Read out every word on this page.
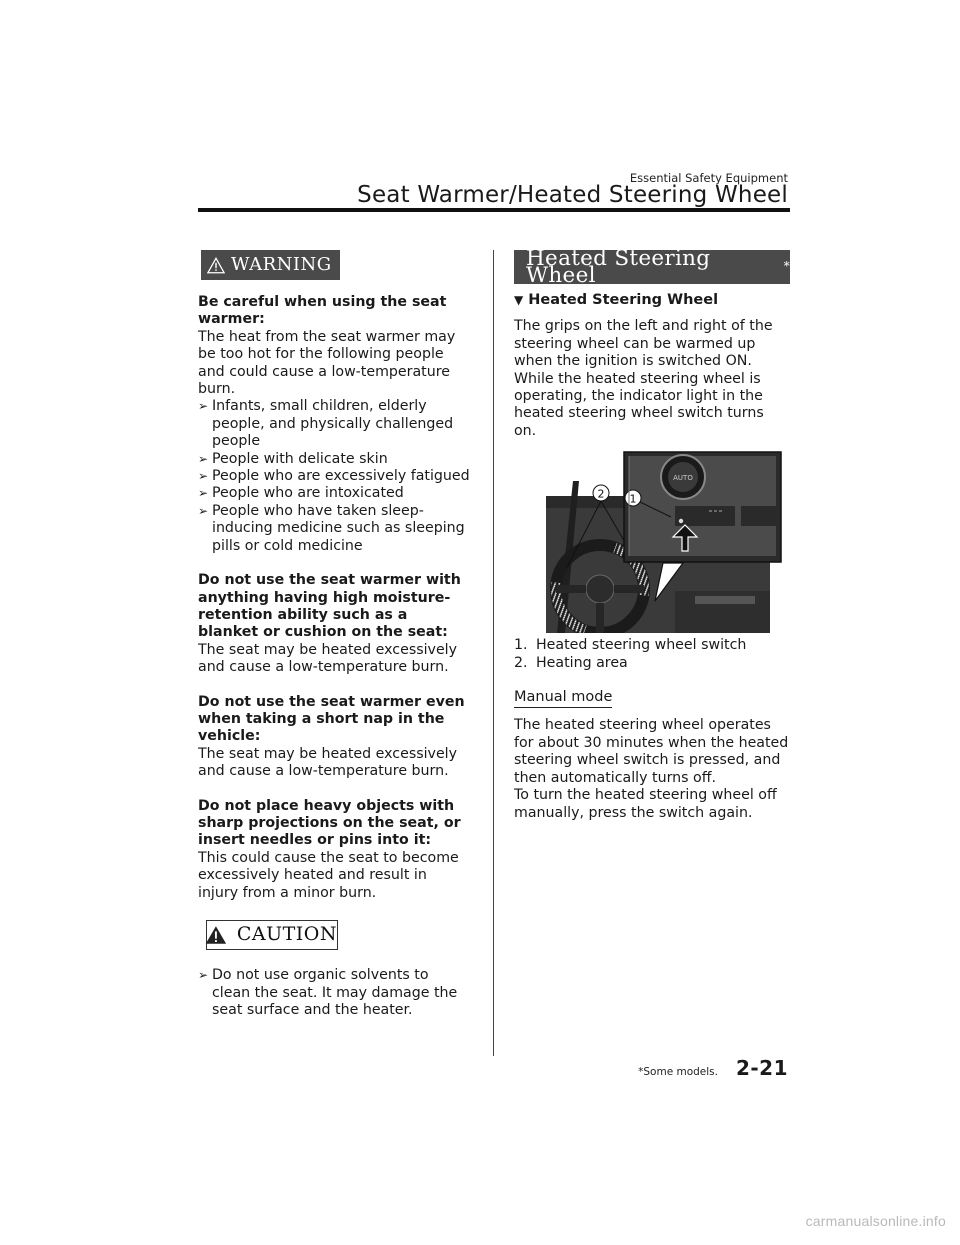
Essential Safety Equipment
Seat Warmer/Heated Steering Wheel
WARNING

Be careful when using the seat warmer:

The heat from the seat warmer may be too hot for the following people and could cause a low-temperature burn.

➢ Infants, small children, elderly people, and physically challenged people
➢ People with delicate skin
➢ People who are excessively fatigued
➢ People who are intoxicated
➢ People who have taken sleep-inducing medicine such as sleeping pills or cold medicine

Do not use the seat warmer with anything having high moisture-retention ability such as a blanket or cushion on the seat:

The seat may be heated excessively and cause a low-temperature burn.

Do not use the seat warmer even when taking a short nap in the vehicle:

The seat may be heated excessively and cause a low-temperature burn.

Do not place heavy objects with sharp projections on the seat, or insert needles or pins into it:

This could cause the seat to become excessively heated and result in injury from a minor burn.

CAUTION
➢ Do not use organic solvents to clean the seat. It may damage the seat surface and the heater.
Heated Steering Wheel	*
▼ Heated Steering Wheel

The grips on the left and right of the steering wheel can be warmed up when the ignition is switched ON. While the heated steering wheel is operating, the indicator light in the heated steering wheel switch turns on.

2
AUTO
1
1. Heated steering wheel switch
2. Heating area
Manual mode

The heated steering wheel operates for about 30 minutes when the heated steering wheel switch is pressed, and then automatically turns off.

To turn the heated steering wheel off manually, press the switch again.

*Some models. 2-21
carmanualsonline.info
